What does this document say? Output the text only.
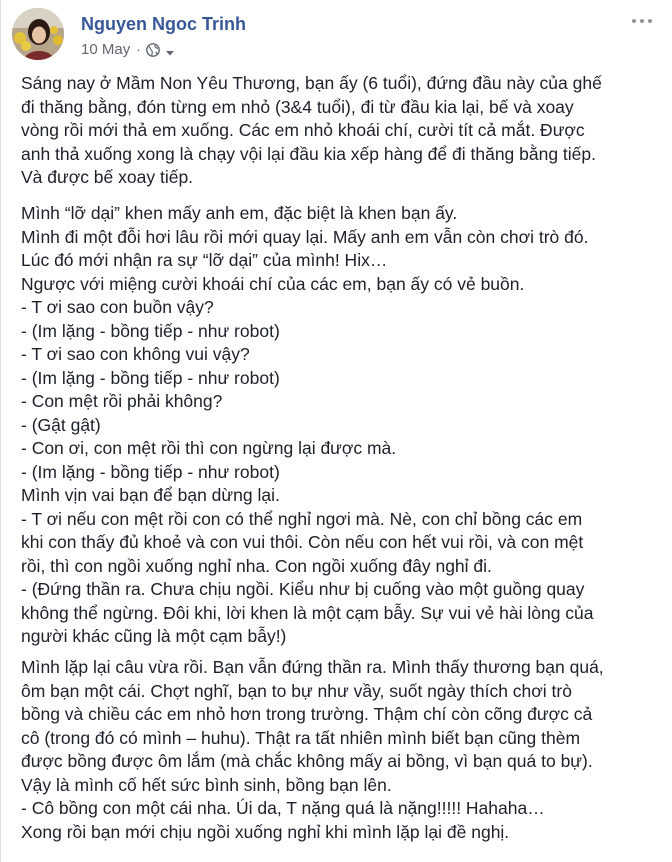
Nguyen Ngoc Trinh
10 May ·
Sáng nay ở Mầm Non Yêu Thương, bạn ấy (6 tuổi), đứng đầu này của ghế
đi thăng bằng, đón từng em nhỏ (3&4 tuổi), đi từ đầu kia lại, bế và xoay
vòng rồi mới thả em xuống. Các em nhỏ khoái chí, cười tít cả mắt. Được
anh thả xuống xong là chạy vội lại đầu kia xếp hàng để đi thăng bằng tiếp.
Và được bế xoay tiếp.
Mình “lỡ dại” khen mấy anh em, đặc biệt là khen bạn ấy.
Mình đi một đỗi hơi lâu rồi mới quay lại. Mấy anh em vẫn còn chơi trò đó.
Lúc đó mới nhận ra sự “lỡ dại” của mình! Hix…
Ngược với miệng cười khoái chí của các em, bạn ấy có vẻ buồn.
- T ơi sao con buồn vậy?
- (Im lặng - bồng tiếp - như robot)
- T ơi sao con không vui vậy?
- (Im lặng - bồng tiếp - như robot)
- Con mệt rồi phải không?
- (Gật gật)
- Con ơi, con mệt rồi thì con ngừng lại được mà.
- (Im lặng - bồng tiếp - như robot)
Mình vịn vai bạn để bạn dừng lại.
- T ơi nếu con mệt rồi con có thể nghỉ ngơi mà. Nè, con chỉ bồng các em
khi con thấy đủ khoẻ và con vui thôi. Còn nếu con hết vui rồi, và con mệt
rồi, thì con ngồi xuống nghỉ nha. Con ngồi xuống đây nghỉ đi.
- (Đứng thần ra. Chưa chịu ngồi. Kiểu như bị cuống vào một guồng quay
không thể ngừng. Đôi khi, lời khen là một cạm bẫy. Sự vui vẻ hài lòng của
người khác cũng là một cạm bẫy!)
Mình lặp lại câu vừa rồi. Bạn vẫn đứng thần ra. Mình thấy thương bạn quá,
ôm bạn một cái. Chợt nghĩ, bạn to bự như vầy, suốt ngày thích chơi trò
bồng và chiều các em nhỏ hơn trong trường. Thậm chí còn cõng được cả
cô (trong đó có mình – huhu). Thật ra tất nhiên mình biết bạn cũng thèm
được bồng được ôm lắm (mà chắc không mấy ai bồng, vì bạn quá to bự).
Vậy là mình cố hết sức bình sinh, bồng bạn lên.
- Cô bồng con một cái nha. Úi da, T nặng quá là nặng!!!!! Hahaha…
Xong rồi bạn mới chịu ngồi xuống nghỉ khi mình lặp lại đề nghị.
